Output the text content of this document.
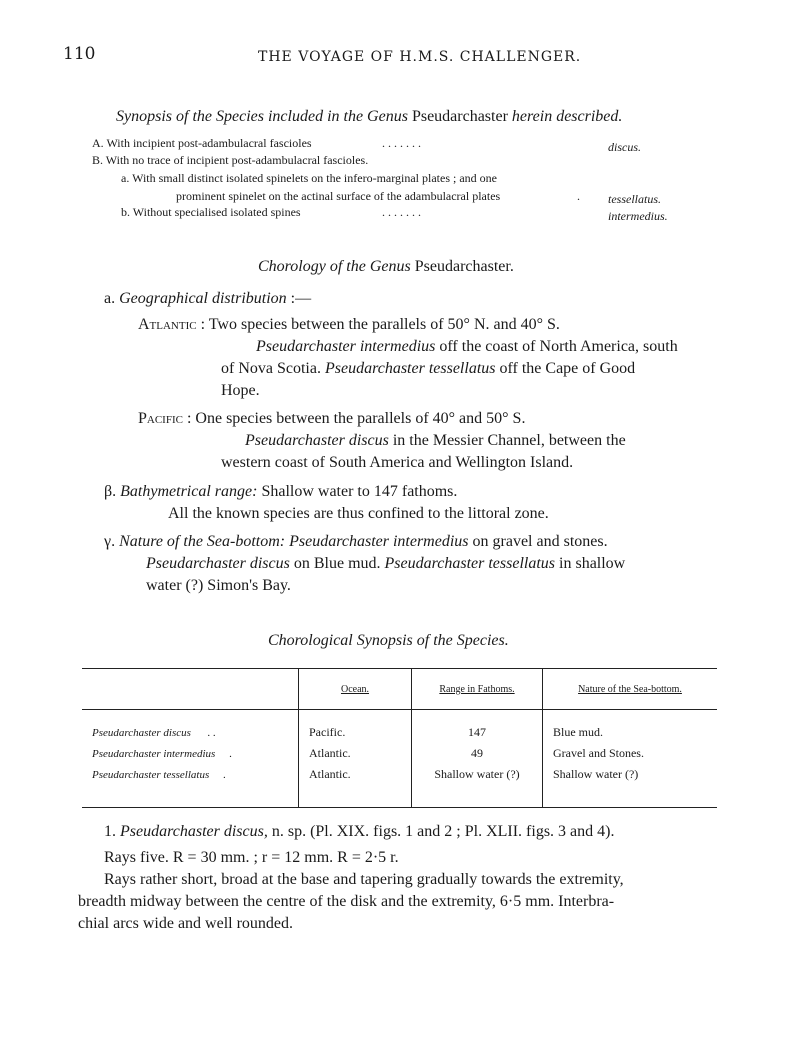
110	THE VOYAGE OF H.M.S. CHALLENGER.
Synopsis of the Species included in the Genus Pseudarchaster herein described.
A. With incipient post-adambulacral fascioles	. . . . . . .	discus.
B. With no trace of incipient post-adambulacral fascioles.
a. With small distinct isolated spinelets on the infero-marginal plates ; and one
prominent spinelet on the actinal surface of the adambulacral plates	. tessellatus.
b. Without specialised isolated spines	. . . . . . .	intermedius.
Chorology of the Genus Pseudarchaster.
a. Geographical distribution :—
Atlantic : Two species between the parallels of 50° N. and 40° S.
Pseudarchaster intermedius off the coast of North America, south
of Nova Scotia. Pseudarchaster tessellatus off the Cape of Good
Hope.
Pacific : One species between the parallels of 40° and 50° S.
Pseudarchaster discus in the Messier Channel, between the
western coast of South America and Wellington Island.
β. Bathymetrical range: Shallow water to 147 fathoms.
All the known species are thus confined to the littoral zone.
γ. Nature of the Sea-bottom: Pseudarchaster intermedius on gravel and stones.
Pseudarchaster discus on Blue mud. Pseudarchaster tessellatus in shallow
water (?) Simon's Bay.
Chorological Synopsis of the Species.
	Ocean.	Range in Fathoms.	Nature of the Sea-bottom.

Pseudarchaster discus . .	Pacific.	147	Blue mud.
Pseudarchaster intermedius .	Atlantic.	49	Gravel and Stones.
Pseudarchaster tessellatus .	Atlantic.	Shallow water (?)	Shallow water (?)

1. Pseudarchaster discus, n. sp. (Pl. XIX. figs. 1 and 2 ; Pl. XLII. figs. 3 and 4).
Rays five. R = 30 mm. ; r = 12 mm. R = 2·5 r.
Rays rather short, broad at the base and tapering gradually towards the extremity,
breadth midway between the centre of the disk and the extremity, 6·5 mm. Interbra-
chial arcs wide and well rounded.
